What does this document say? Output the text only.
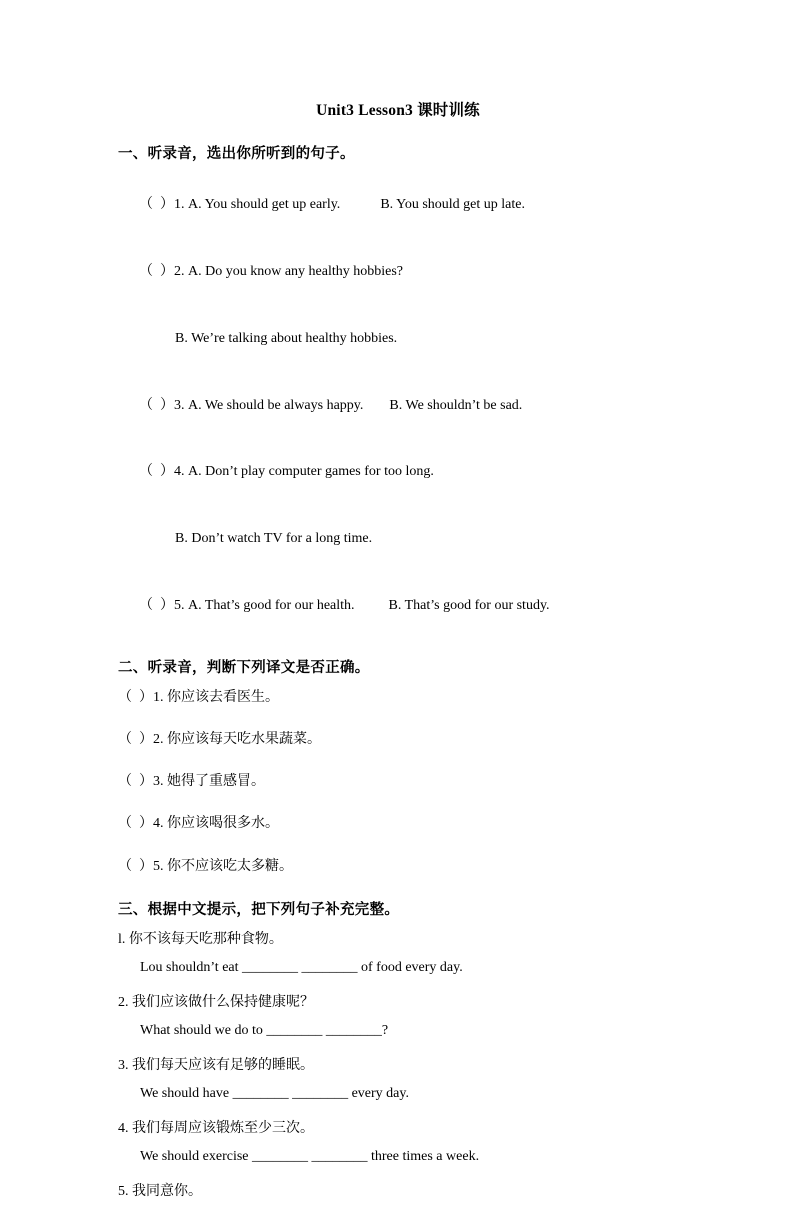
Unit3 Lesson3 课时训练
一、听录音，选出你所听到的句子。

（  ）1. A. You should get up early.	B. You should get up late.

（  ）2. A. Do you know any healthy hobbies?

B. We’re talking about healthy hobbies.

（  ）3. A. We should be always happy. B. We shouldn’t be sad.

（  ）4. A. Don’t play computer games for too long.

B. Don’t watch TV for a long time.

（  ）5. A. That’s good for our health. B. That’s good for our study.

二、听录音，判断下列译文是否正确。
（  ）1. 你应该去看医生。
（  ）2. 你应该每天吃水果蔬菜。
（  ）3. 她得了重感冒。
（  ）4. 你应该喝很多水。
（  ）5. 你不应该吃太多糖。
三、根据中文提示，把下列句子补充完整。
l. 你不该每天吃那种食物。
Lou shouldn’t eat ________ ________ of food every day.
2. 我们应该做什么保持健康呢？
What should we do to ________ ________?
3. 我们每天应该有足够的睡眠。
We should have ________ ________ every day.
4. 我们每周应该锻炼至少三次。
We should exercise ________ ________ three times a week.
5. 我同意你。
